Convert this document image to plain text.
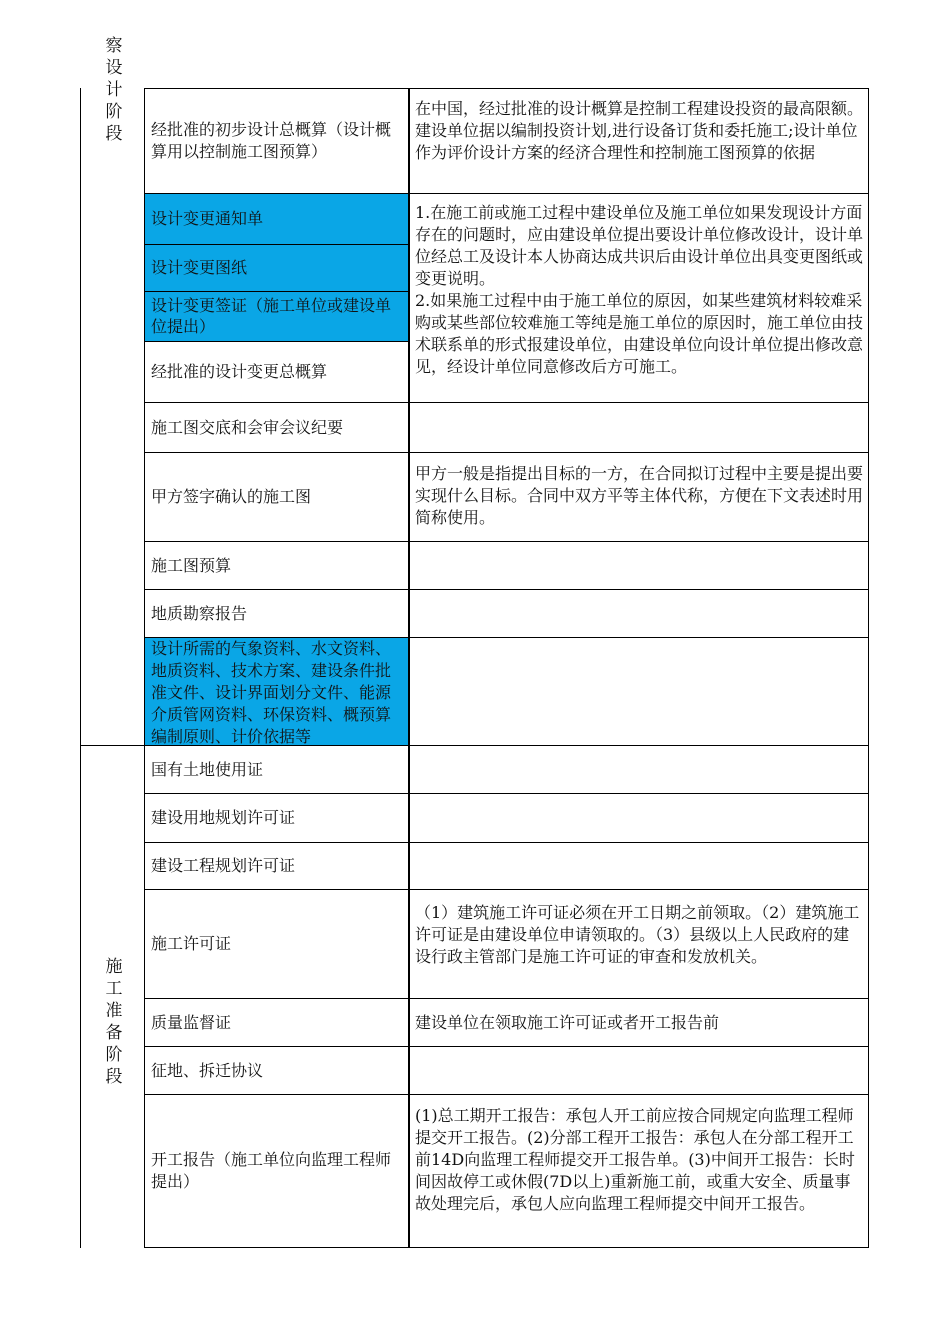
察
设
计
阶
段
施
工
准
备
阶
段
经批准的初步设计总概算（设计概算用以控制施工图预算）
在中国，经过批准的设计概算是控制工程建设投资的最高限额。建设单位据以编制投资计划,进行设备订货和委托施工;设计单位作为评价设计方案的经济合理性和控制施工图预算的依据
设计变更通知单
设计变更图纸
设计变更签证（施工单位或建设单位提出）
经批准的设计变更总概算
1.在施工前或施工过程中建设单位及施工单位如果发现设计方面存在的问题时，应由建设单位提出要设计单位修改设计，设计单位经总工及设计本人协商达成共识后由设计单位出具变更图纸或变更说明。
2.如果施工过程中由于施工单位的原因，如某些建筑材料较难采购或某些部位较难施工等纯是施工单位的原因时，施工单位由技术联系单的形式报建设单位，由建设单位向设计单位提出修改意见，经设计单位同意修改后方可施工。
施工图交底和会审会议纪要
甲方签字确认的施工图
甲方一般是指提出目标的一方，在合同拟订过程中主要是提出要实现什么目标。合同中双方平等主体代称，方便在下文表述时用简称使用。
施工图预算
地质勘察报告
设计所需的气象资料、水文资料、地质资料、技术方案、建设条件批准文件、设计界面划分文件、能源介质管网资料、环保资料、概预算编制原则、计价依据等
国有土地使用证
建设用地规划许可证
建设工程规划许可证
施工许可证
（1）建筑施工许可证必须在开工日期之前领取。（2）建筑施工许可证是由建设单位申请领取的。（3）县级以上人民政府的建设行政主管部门是施工许可证的审查和发放机关。
质量监督证	建设单位在领取施工许可证或者开工报告前
征地、拆迁协议
开工报告（施工单位向监理工程师提出）
(1)总工期开工报告：承包人开工前应按合同规定向监理工程师提交开工报告。(2)分部工程开工报告：承包人在分部工程开工前14D向监理工程师提交开工报告单。(3)中间开工报告：长时间因故停工或休假(7D以上)重新施工前，或重大安全、质量事故处理完后，承包人应向监理工程师提交中间开工报告。
